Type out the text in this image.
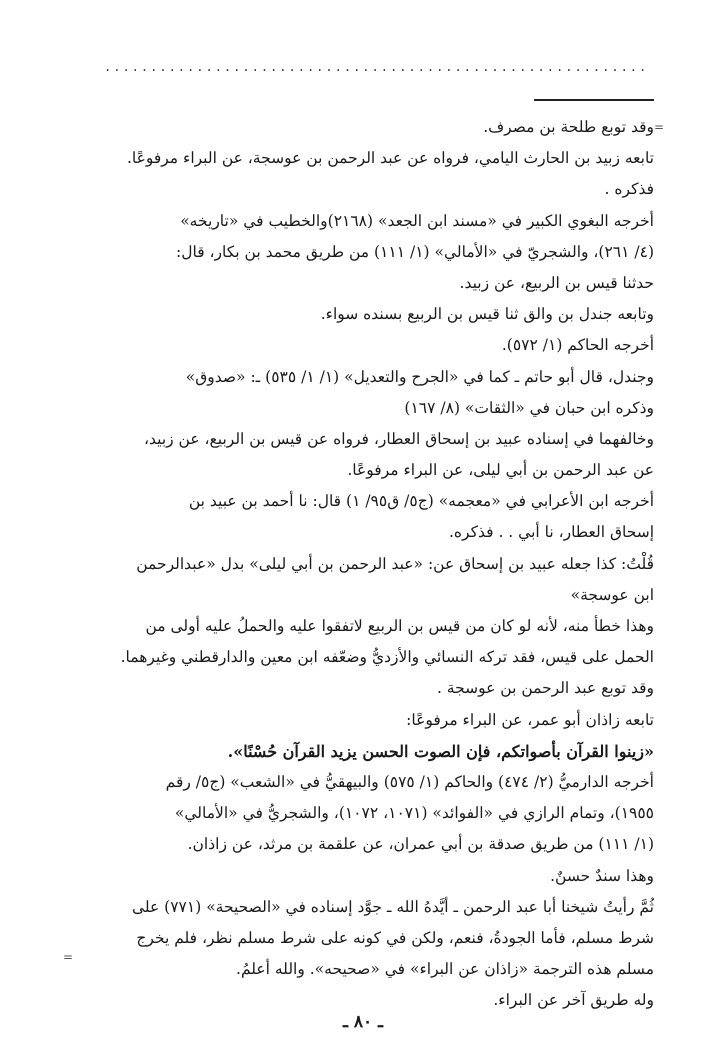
...........................................................
=
=
وقد توبع طلحة بن مصرف.
تابعه زبيد بن الحارث اليامي، فرواه عن عبد الرحمن بن عوسجة، عن البراء مرفوعًا.
فذكره .
أخرجه البغوي الكبير في «مسند ابن الجعد» (٢١٦٨)والخطيب في «تاريخه»
(٤/ ٢٦١)، والشجريّ في «الأمالي» (١/ ١١١) من طريق محمد بن بكار، قال:
حدثنا قيس بن الربيع، عن زبيد.
وتابعه جندل بن والق ثنا قيس بن الربيع بسنده سواء.
أخرجه الحاكم (١/ ٥٧٢).
وجندل، قال أبو حاتم ـ كما في «الجرح والتعديل» (١/ ١/ ٥٣٥) ـ: «صدوق»
وذكره ابن حبان في «الثقات» (٨/ ١٦٧)
وخالفهما في إسناده عبيد بن إسحاق العطار، فرواه عن قيس بن الربيع، عن زبيد،
عن عبد الرحمن بن أبي ليلى، عن البراء مرفوعًا.
أخرجه ابن الأعرابي في «معجمه» (ج٥/ ق٩٥/ ١) قال: نا أحمد بن عبيد بن
إسحاق العطار، نا أبي . . فذكره.
قُلْتُ: كذا جعله عبيد بن إسحاق عن: «عبد الرحمن بن أبي ليلى» بدل «عبدالرحمن
ابن عوسجة»
وهذا خطأ منه، لأنه لو كان من قيس بن الربيع لاتفقوا عليه والحملُ عليه أولى من
الحمل على قيس، فقد تركه النسائي والأزديُّ وضعّفه ابن معين والدارقطني وغيرهما.
وقد توبع عبد الرحمن بن عوسجة .
تابعه زاذان أبو عمر، عن البراء مرفوعًا:
«زينوا القرآن بأصواتكم، فإن الصوت الحسن يزيد القرآن حُسْنًا».
أخرجه الدارميُّ (٢/ ٤٧٤) والحاكم (١/ ٥٧٥) والبيهقيُّ في «الشعب» (ج٥/ رقم
١٩٥٥)، وتمام الرازي في «الفوائد» (١٠٧١، ١٠٧٢)، والشجريُّ في «الأمالي»
(١/ ١١١) من طريق صدقة بن أبي عمران، عن علقمة بن مرثد، عن زاذان.
وهذا سندٌ حسنٌ.
ثُمَّ رأيتُ شيخنا أبا عبد الرحمن ـ أيَّدهُ الله ـ جوَّد إسناده في «الصحيحة» (٧٧١) على
شرط مسلم، فأما الجودةُ، فنعم، ولكن في كونه على شرط مسلم نظر، فلم يخرج
مسلم هذه الترجمة «زاذان عن البراء» في «صحيحه». والله أعلمُ.
وله طريق آخر عن البراء.
ـ ٨٠ ـ
